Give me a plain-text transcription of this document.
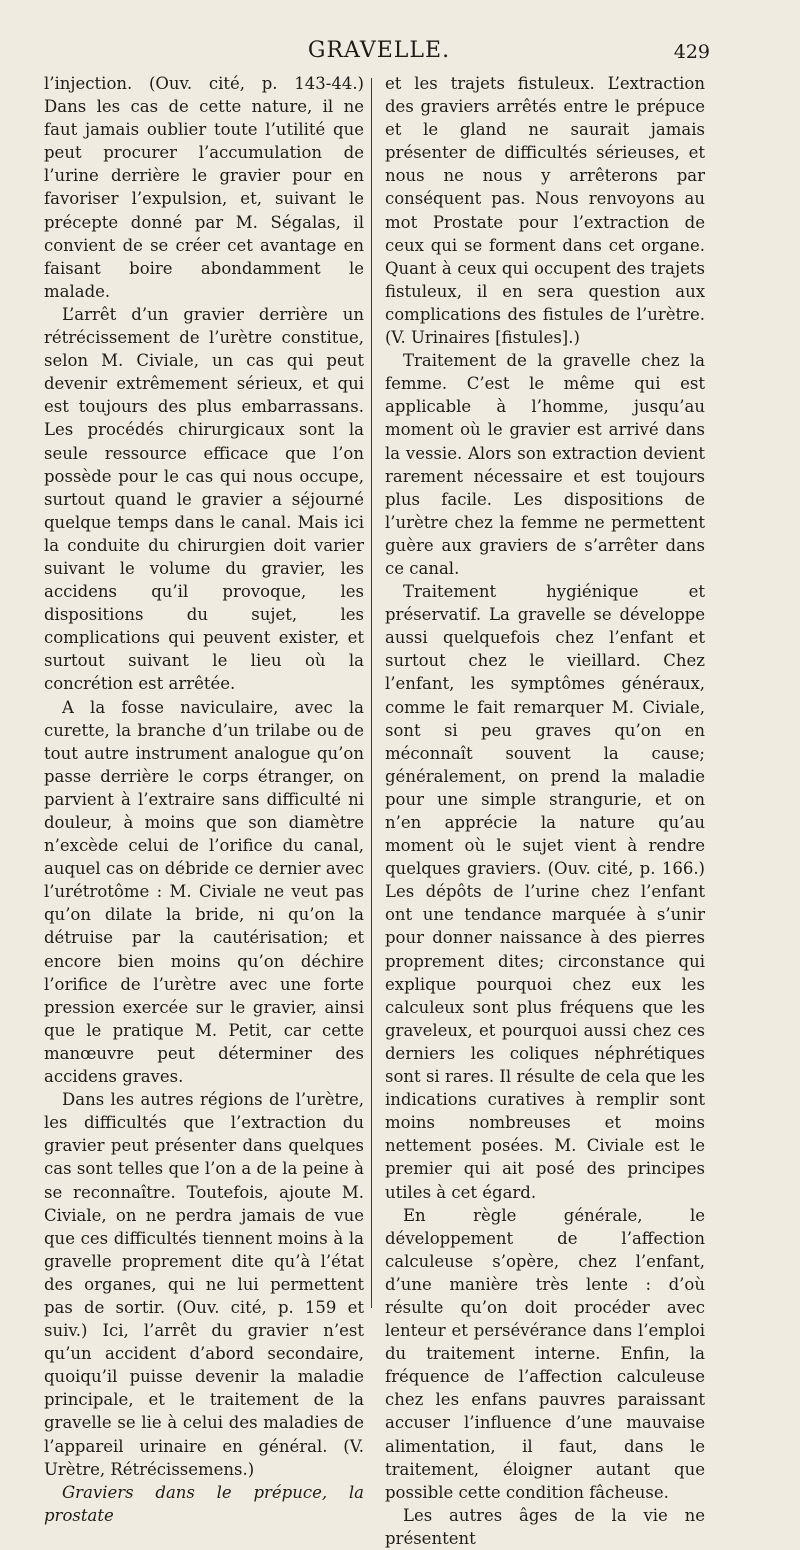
GRAVELLE.	429

l’injection. (Ouv. cité, p. 143-44.) Dans les cas de cette nature, il ne faut jamais oublier toute l’utilité que peut procurer l’accumulation de l’urine derrière le gravier pour en favoriser l’expulsion, et, suivant le précepte donné par M. Ségalas, il convient de se créer cet avantage en faisant boire abondamment le malade.

L’arrêt d’un gravier derrière un rétrécissement de l’urètre constitue, selon M. Civiale, un cas qui peut devenir extrêmement sérieux, et qui est toujours des plus embarrassans. Les procédés chirurgicaux sont la seule ressource efficace que l’on possède pour le cas qui nous occupe, surtout quand le gravier a séjourné quelque temps dans le canal. Mais ici la conduite du chirurgien doit varier suivant le volume du gravier, les accidens qu’il provoque, les dispositions du sujet, les complications qui peuvent exister, et surtout suivant le lieu où la concrétion est arrêtée.

A la fosse naviculaire, avec la curette, la branche d’un trilabe ou de tout autre instrument analogue qu’on passe derrière le corps étranger, on parvient à l’extraire sans difficulté ni douleur, à moins que son diamètre n’excède celui de l’orifice du canal, auquel cas on débride ce dernier avec l’urétrotôme : M. Civiale ne veut pas qu’on dilate la bride, ni qu’on la détruise par la cautérisation; et encore bien moins qu’on déchire l’orifice de l’urètre avec une forte pression exercée sur le gravier, ainsi que le pratique M. Petit, car cette manœuvre peut déterminer des accidens graves.

Dans les autres régions de l’urètre, les difficultés que l’extraction du gravier peut présenter dans quelques cas sont telles que l’on a de la peine à se reconnaître. Toutefois, ajoute M. Civiale, on ne perdra jamais de vue que ces difficultés tiennent moins à la gravelle proprement dite qu’à l’état des organes, qui ne lui permettent pas de sortir. (Ouv. cité, p. 159 et suiv.) Ici, l’arrêt du gravier n’est qu’un accident d’abord secondaire, quoiqu’il puisse devenir la maladie principale, et le traitement de la gravelle se lie à celui des maladies de l’appareil urinaire en général. (V. Urètre, Rétrécissemens.)

Graviers dans le prépuce, la prostate

et les trajets fistuleux. L’extraction des graviers arrêtés entre le prépuce et le gland ne saurait jamais présenter de difficultés sérieuses, et nous ne nous y arrêterons par conséquent pas. Nous renvoyons au mot Prostate pour l’extraction de ceux qui se forment dans cet organe. Quant à ceux qui occupent des trajets fistuleux, il en sera question aux complications des fistules de l’urètre. (V. Urinaires [fistules].)

Traitement de la gravelle chez la femme. C’est le même qui est applicable à l’homme, jusqu’au moment où le gravier est arrivé dans la vessie. Alors son extraction devient rarement nécessaire et est toujours plus facile. Les dispositions de l’urètre chez la femme ne permettent guère aux graviers de s’arrêter dans ce canal.

Traitement hygiénique et préservatif. La gravelle se développe aussi quelquefois chez l’enfant et surtout chez le vieillard. Chez l’enfant, les symptômes généraux, comme le fait remarquer M. Civiale, sont si peu graves qu’on en méconnaît souvent la cause; généralement, on prend la maladie pour une simple strangurie, et on n’en apprécie la nature qu’au moment où le sujet vient à rendre quelques graviers. (Ouv. cité, p. 166.) Les dépôts de l’urine chez l’enfant ont une tendance marquée à s’unir pour donner naissance à des pierres proprement dites; circonstance qui explique pourquoi chez eux les calculeux sont plus fréquens que les graveleux, et pourquoi aussi chez ces derniers les coliques néphrétiques sont si rares. Il résulte de cela que les indications curatives à remplir sont moins nombreuses et moins nettement posées. M. Civiale est le premier qui ait posé des principes utiles à cet égard.

En règle générale, le développement de l’affection calculeuse s’opère, chez l’enfant, d’une manière très lente : d’où résulte qu’on doit procéder avec lenteur et persévérance dans l’emploi du traitement interne. Enfin, la fréquence de l’affection calculeuse chez les enfans pauvres paraissant accuser l’influence d’une mauvaise alimentation, il faut, dans le traitement, éloigner autant que possible cette condition fâcheuse.

Les autres âges de la vie ne présentent
